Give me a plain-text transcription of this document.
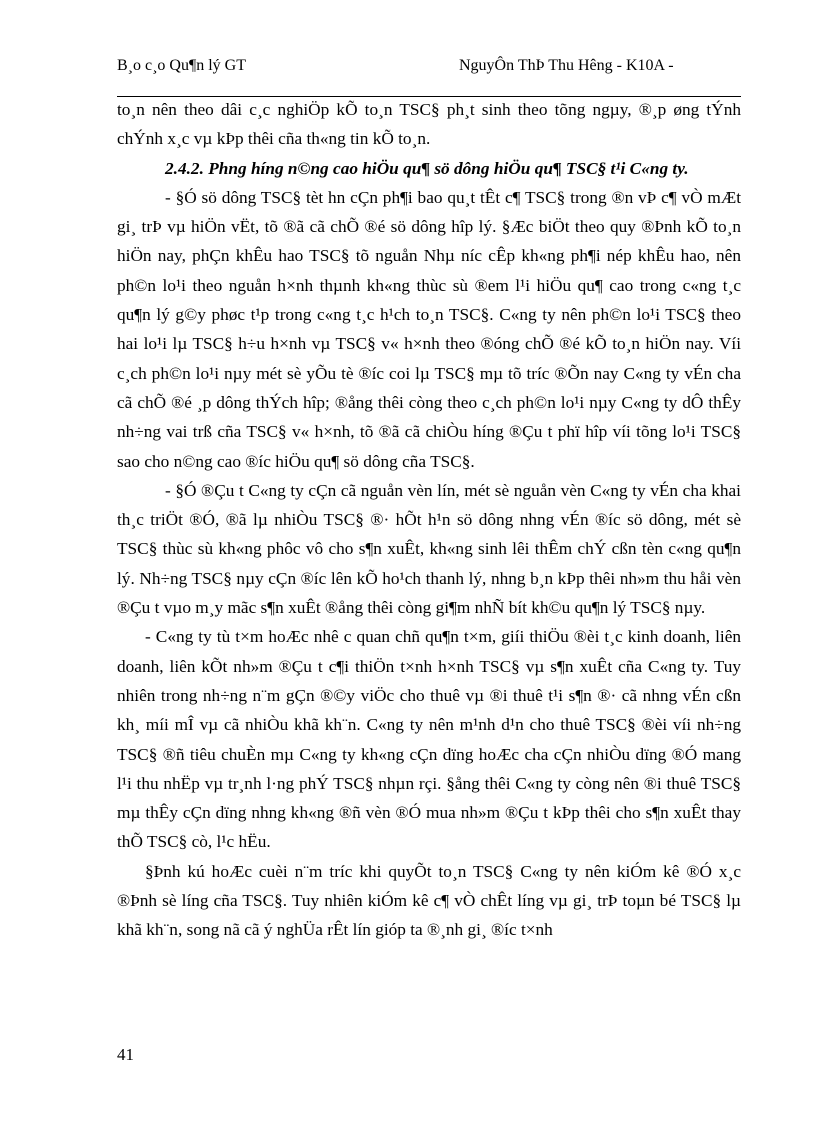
B¸o c¸o Qu¶n lý GT	NguyÔn ThÞ Thu Hêng - K10A -

to¸n nên theo dâi c¸c nghiÖp kÕ to¸n TSC§ ph¸t sinh theo tõng ngµy, ®¸p øng tÝnh chÝnh x¸c vµ kÞp thêi cña th«ng tin kÕ to¸n.

2.4.2. Phng híng n©ng cao hiÖu qu¶ sö dông hiÖu qu¶ TSC§ t¹i C«ng ty.

- §Ó sö dông TSC§ tèt hn cÇn ph¶i bao qu¸t tÊt c¶ TSC§ trong ®n vÞ c¶ vÒ mÆt gi¸ trÞ vµ hiÖn vËt, tõ ®ã cã chÕ ®é sö dông hîp lý. §Æc biÖt theo quy ®Þnh kÕ to¸n hiÖn nay, phÇn khÊu hao TSC§ tõ nguån Nhµ níc cÊp kh«ng ph¶i nép khÊu hao, nên ph©n lo¹i theo nguån h×nh thµnh kh«ng thùc sù ®em l¹i hiÖu qu¶ cao trong c«ng t¸c qu¶n lý g©y phøc t¹p trong c«ng t¸c h¹ch to¸n TSC§. C«ng ty nên ph©n lo¹i TSC§ theo hai lo¹i lµ TSC§ h÷u h×nh vµ TSC§ v« h×nh theo ®óng chÕ ®é kÕ to¸n hiÖn nay. Víi c¸ch ph©n lo¹i nµy mét sè yÕu tè ®íc coi lµ TSC§ mµ tõ tríc ®Õn nay C«ng ty vÉn cha cã chÕ ®é ¸p dông thÝch hîp; ®ång thêi còng theo c¸ch ph©n lo¹i nµy C«ng ty dÔ thÊy nh÷ng vai trß cña TSC§ v« h×nh, tõ ®ã cã chiÒu híng ®Çu t phï hîp víi tõng lo¹i TSC§ sao cho n©ng cao ®íc hiÖu qu¶ sö dông cña TSC§.

- §Ó ®Çu t C«ng ty cÇn cã nguån vèn lín, mét sè nguån vèn C«ng ty vÉn cha khai th¸c triÖt ®Ó, ®ã lµ nhiÒu TSC§ ®· hÕt h¹n sö dông nhng vÉn ®íc sö dông, mét sè TSC§ thùc sù kh«ng phôc vô cho s¶n xuÊt, kh«ng sinh lêi thÊm chÝ cßn tèn c«ng qu¶n lý. Nh÷ng TSC§ nµy cÇn ®íc lên kÕ ho¹ch thanh lý, nhng b¸n kÞp thêi nh»m thu håi vèn ®Çu t vµo m¸y mãc s¶n xuÊt ®ång thêi còng gi¶m nhÑ bít kh©u qu¶n lý TSC§ nµy.

- C«ng ty tù t×m hoÆc nhê c quan chñ qu¶n t×m, giíi thiÖu ®èi t¸c kinh doanh, liên doanh, liên kÕt nh»m ®Çu t c¶i thiÖn t×nh h×nh TSC§ vµ s¶n xuÊt cña C«ng ty. Tuy nhiên trong nh÷ng n¨m gÇn ®©y viÖc cho thuê vµ ®i thuê t¹i s¶n ®· cã nhng vÉn cßn kh¸ míi mÎ vµ cã nhiÒu khã kh¨n. C«ng ty nên m¹nh d¹n cho thuê TSC§ ®èi víi nh÷ng TSC§ ®ñ tiêu chuÈn mµ C«ng ty kh«ng cÇn dïng hoÆc cha cÇn nhiÒu dïng ®Ó mang l¹i thu nhËp vµ tr¸nh l·ng phÝ TSC§ nhµn rçi. §ång thêi C«ng ty còng nên ®i thuê TSC§ mµ thÊy cÇn dïng nhng kh«ng ®ñ vèn ®Ó mua nh»m ®Çu t kÞp thêi cho s¶n xuÊt thay thÕ TSC§ cò, l¹c hËu.

§Þnh kú hoÆc cuèi n¨m tríc khi quyÕt to¸n TSC§ C«ng ty nên kiÓm kê ®Ó x¸c ®Þnh sè líng cña TSC§. Tuy nhiên kiÓm kê c¶ vÒ chÊt líng vµ gi¸ trÞ toµn bé TSC§ lµ khã kh¨n, song nã cã ý nghÜa rÊt lín gióp ta ®¸nh gi¸ ®íc t×nh

41
